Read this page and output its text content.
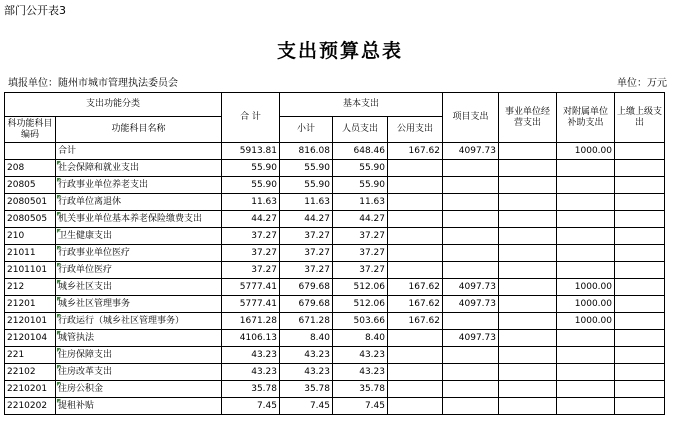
部门公开表3
支出预算总表
填报单位：随州市城市管理执法委员会	单位：万元
支出功能分类		合 计	基本支出			项目支出	事业单位经营支出	对附属单位补助支出	上缴上级支出
科功能科目编码	功能科目名称		小计	人员支出	公用支出				
	合计	5913.81	816.08	648.46	167.62	4097.73		1000.00	
208	社会保障和就业支出	55.90	55.90	55.90					
20805	行政事业单位养老支出	55.90	55.90	55.90					
2080501	行政单位离退休	11.63	11.63	11.63					
2080505	机关事业单位基本养老保险缴费支出	44.27	44.27	44.27					
210	卫生健康支出	37.27	37.27	37.27					
21011	行政事业单位医疗	37.27	37.27	37.27					
2101101	行政单位医疗	37.27	37.27	37.27					
212	城乡社区支出	5777.41	679.68	512.06	167.62	4097.73		1000.00	
21201	城乡社区管理事务	5777.41	679.68	512.06	167.62	4097.73		1000.00	
2120101	行政运行（城乡社区管理事务）	1671.28	671.28	503.66	167.62			1000.00	
2120104	城管执法	4106.13	8.40	8.40		4097.73			
221	住房保障支出	43.23	43.23	43.23					
22102	住房改革支出	43.23	43.23	43.23					
2210201	住房公积金	35.78	35.78	35.78					
2210202	提租补贴	7.45	7.45	7.45					
